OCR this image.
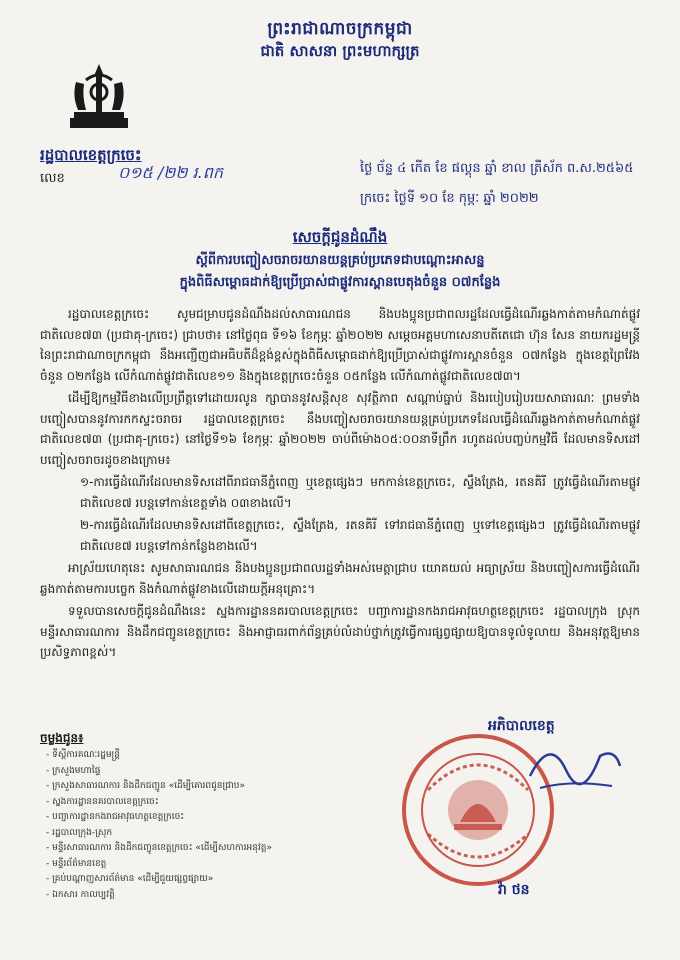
ព្រះរាជាណាចក្រកម្ពុជា
ជាតិ សាសនា ព្រះមហាក្សត្រ
រដ្ឋបាលខេត្តក្រចេះ
លេខ	០១៥ /២២ រ.ពក	ថ្ងៃ ច័ន្ទ ៤ កើត ខែ ផល្គុន ឆ្នាំ ខាល ត្រីស័ក ព.ស.២៥៦៥
ក្រចេះ ថ្ងៃទី ១០ ខែ កុម្ភៈ ឆ្នាំ ២០២២
សេចក្តីជូនដំណឹង
ស្តីពីការបញ្ចៀសចរាចរយានយន្តគ្រប់ប្រភេទជាបណ្តោះអាសន្ន
ក្នុងពិធីសម្ពោធដាក់ឱ្យប្រើប្រាស់ជាផ្លូវការស្ពានបេតុងចំនួន ០៧កន្លែង

រដ្ឋបាលខេត្តក្រចេះ សូមជម្រាបជូនដំណឹងដល់សាធារណជន និងបងប្អូនប្រជាពលរដ្ឋដែលធ្វើដំណើរឆ្លងកាត់តាមកំណាត់ផ្លូវជាតិលេខ៧៣ (ប្រជាគុ-ក្រចេះ) ជ្រាបថា៖ នៅថ្ងៃពុធ ទី១៦ ខែកុម្ភៈ ឆ្នាំ២០២២ សម្តេចអគ្គមហាសេនាបតីតេជោ ហ៊ុន សែន នាយករដ្ឋមន្ត្រី នៃព្រះរាជាណាចក្រកម្ពុជា នឹងអញ្ជើញជាអធិបតីដ៏ខ្ពង់ខ្ពស់ក្នុងពិធីសម្ពោធដាក់ឱ្យប្រើប្រាស់ជាផ្លូវការស្ពានចំនួន ០៧កន្លែង ក្នុងខេត្តព្រៃវែងចំនួន ០២កន្លែង លើកំណាត់ផ្លូវជាតិលេខ១១ និងក្នុងខេត្តក្រចេះចំនួន ០៥កន្លែង លើកំណាត់ផ្លូវជាតិលេខ៧៣។

ដើម្បីឱ្យកម្មវិធីខាងលើប្រព្រឹត្តទៅដោយរលូន ក្សាបាននូវសន្តិសុខ សុវត្ថិភាព សណ្តាប់ធ្នាប់ និងរបៀបរៀបរយសាធារណៈ ព្រមទាំងបញ្ចៀសបាននូវការកកស្ទះចរាចរ រដ្ឋបាលខេត្តក្រចេះ នឹងបញ្ចៀសចរាចរយានយន្តគ្រប់ប្រភេទដែលធ្វើដំណើរឆ្លងកាត់តាមកំណាត់ផ្លូវជាតិលេខ៧៣ (ប្រជាគុ-ក្រចេះ) នៅថ្ងៃទី១៦ ខែកុម្ភៈ ឆ្នាំ២០២២ ចាប់ពីម៉ោង០៥:០០នាទីព្រឹក រហូតដល់បញ្ចប់កម្មវិធី ដែលមានទិសដៅបញ្ចៀសចរាចរដូចខាងក្រោម៖

១-ការធ្វើដំណើរដែលមានទិសដៅពីរាជធានីភ្នំពេញ ឬខេត្តផ្សេងៗ មកកាន់ខេត្តក្រចេះ, ស្ទឹងត្រែង, រតនគិរី ត្រូវធ្វើដំណើរតាមផ្លូវជាតិលេខ៧ របន្តទៅកាន់ខេត្តទាំង ០៣ខាងលើ។

២-ការធ្វើដំណើរដែលមានទិសដៅពីខេត្តក្រចេះ, ស្ទឹងត្រែង, រតនគិរី ទៅរាជធានីភ្នំពេញ ឬទៅខេត្តផ្សេងៗ ត្រូវធ្វើដំណើរតាមផ្លូវជាតិលេខ៧ របន្តទៅកាន់កន្លែងខាងលើ។

អាស្រ័យហេតុនេះ សូមសាធារណជន និងបងប្អូនប្រជាពលរដ្ឋទាំងអស់មេត្តាជ្រាប យោគយល់ អធ្យាស្រ័យ និងបញ្ចៀសការធ្វើដំណើរឆ្លងកាត់តាមការបច្ចេក និងកំណាត់ផ្លូវខាងលើដោយក្តីអនុគ្រោះ។

ទទួលបានសេចក្តីជូនដំណឹងនេះ ស្នងការដ្ឋាននគរបាលខេត្តក្រចេះ បញ្ជាការដ្ឋានកងរាជអាវុធហត្ថខេត្តក្រចេះ រដ្ឋបាលក្រុង ស្រុក មន្ទីរសាធារណការ និងដឹកជញ្ជូនខេត្តក្រចេះ និងអាជ្ញាធរពាក់ព័ន្ធគ្រប់លំដាប់ថ្នាក់ត្រូវធ្វើការផ្សព្វផ្សាយឱ្យបានទូលំទូលាយ និងអនុវត្តឱ្យមានប្រសិទ្ធភាពខ្ពស់។

អភិបាលខេត្ត
ចម្លងជូន៖
- ទីស្តីការគណៈរដ្ឋមន្ត្រី
- ក្រសួងមហាផ្ទៃ
- ក្រសួងសាធារណការ និងដឹកជញ្ជូន «ដើម្បីគោរពជូនជ្រាប»
- ស្នងការដ្ឋាននគរបាលខេត្តក្រចេះ
- បញ្ជាការដ្ឋានកងរាជអាវុធហត្ថខេត្តក្រចេះ
- រដ្ឋបាលក្រុង-ស្រុក
- មន្ទីរសាធារណការ និងដឹកជញ្ជូនខេត្តក្រចេះ «ដើម្បីសហការអនុវត្ត»
- មន្ទីរព័ត៌មានខេត្ត
- គ្រប់បណ្តាញសារព័ត៌មាន «ដើម្បីជួយផ្សព្វផ្សាយ»
- ឯកសារ កាលប្បវត្តិ	វ៉ា ថន
